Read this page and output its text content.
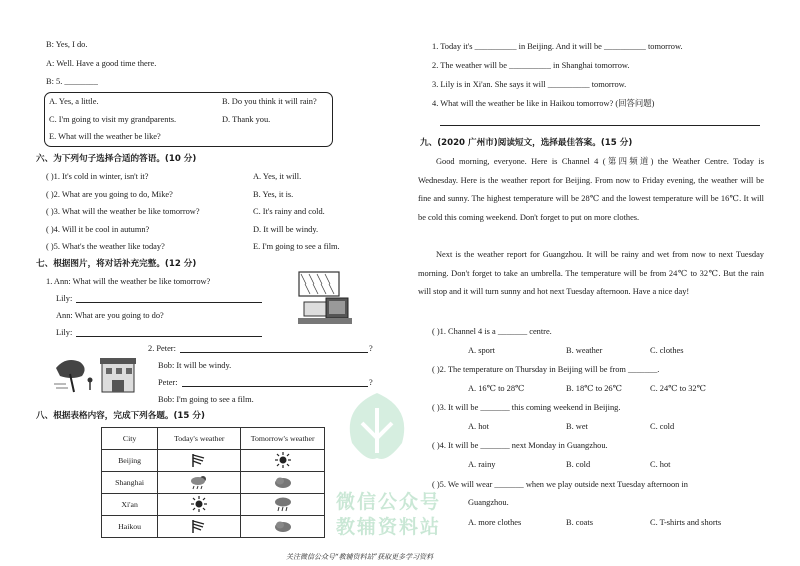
B: Yes, I do.
A: Well. Have a good time there.
B: 5. ________
A. Yes, a little.	B. Do you think it will rain?
C. I'm going to visit my grandparents.	D. Thank you.
E. What will the weather be like?
六、为下列句子选择合适的答语。(10 分)
( )1. It's cold in winter, isn't it?	A. Yes, it will.
( )2. What are you going to do, Mike?	B. Yes, it is.
( )3. What will the weather be like tomorrow?	C. It's rainy and cold.
( )4. Will it be cool in autumn?	D. It will be windy.
( )5. What's the weather like today?	E. I'm going to see a film.
七、根据图片，将对话补充完整。(12 分)
1. Ann: What will the weather be like tomorrow?
Lily:
Ann: What are you going to do?
Lily:
2. Peter:	?
Bob: It will be windy.
Peter:	?
Bob: I'm going to see a film.
八、根据表格内容，完成下列各题。(15 分)
City	Today's weather	Tomorrow's weather
Beijing		
Shanghai		
Xi'an		
Haikou		
1. Today it's __________ in Beijing. And it will be __________ tomorrow.
2. The weather will be __________ in Shanghai tomorrow.
3. Lily is in Xi'an. She says it will __________ tomorrow.
4. What will the weather be like in Haikou tomorrow? (回答问题)
九、(2020 广州市)阅读短文，选择最佳答案。(15 分)
Good morning, everyone. Here is Channel 4 (第四频道) the Weather Centre. Today is Wednesday. Here is the weather report for Beijing. From now to Friday evening, the weather will be fine and sunny. The highest temperature will be 28℃ and the lowest temperature will be 16℃. It will be cold this coming weekend. Don't forget to put on more clothes.
Next is the weather report for Guangzhou. It will be rainy and wet from now to next Tuesday morning. Don't forget to take an umbrella. The temperature will be from 24℃ to 32℃. But the rain will stop and it will turn sunny and hot next Tuesday afternoon. Have a nice day!
( )1. Channel 4 is a _______ centre.
A. sport	B. weather	C. clothes
( )2. The temperature on Thursday in Beijing will be from _______.
A. 16℃ to 28℃	B. 18℃ to 26℃	C. 24℃ to 32℃
( )3. It will be _______ this coming weekend in Beijing.
A. hot	B. wet	C. cold
( )4. It will be _______ next Monday in Guangzhou.
A. rainy	B. cold	C. hot
( )5. We will wear _______ when we play outside next Tuesday afternoon in
Guangzhou.
A. more clothes	B. coats	C. T-shirts and shorts
微信公众号
教辅资料站
关注微信公众号“教辅资料站”获取更多学习资料
